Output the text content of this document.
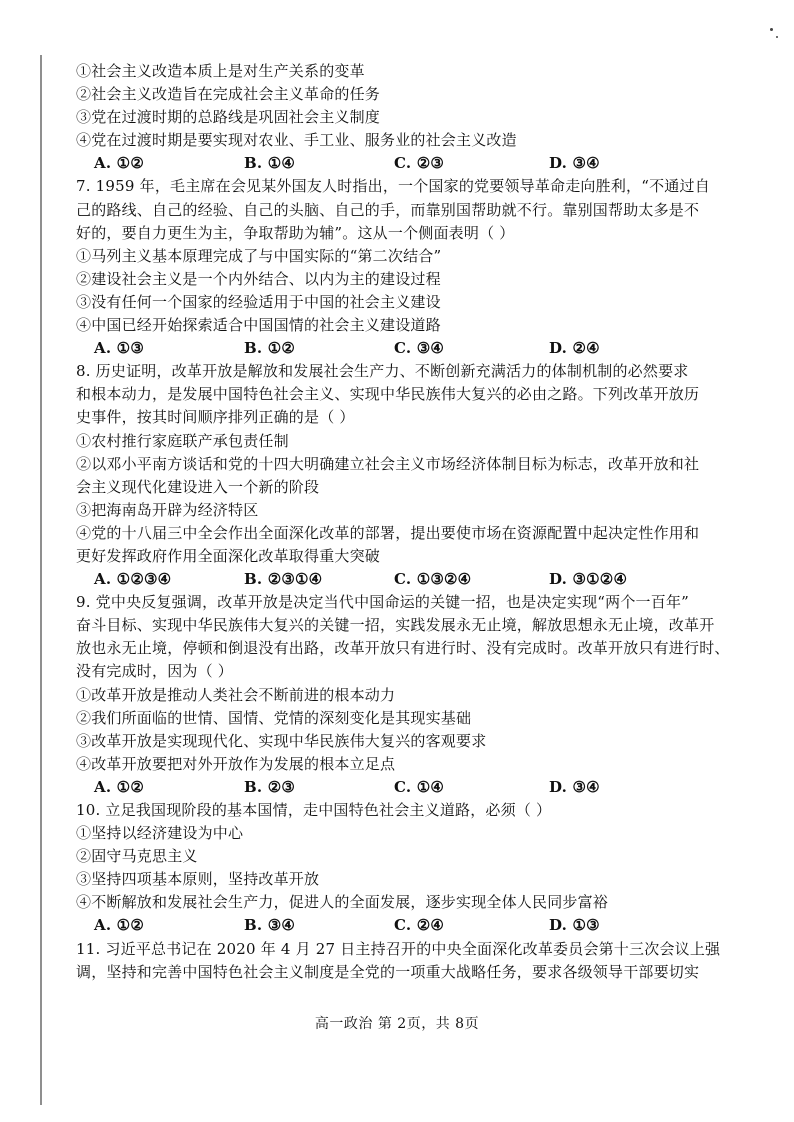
①社会主义改造本质上是对生产关系的变革
②社会主义改造旨在完成社会主义革命的任务
③党在过渡时期的总路线是巩固社会主义制度
④党在过渡时期是要实现对农业、手工业、服务业的社会主义改造
A. ①②	B. ①④	C. ②③	D. ③④
7. 1959 年，毛主席在会见某外国友人时指出，一个国家的党要领导革命走向胜利，“不通过自
己的路线、自己的经验、自己的头脑、自己的手，而靠别国帮助就不行。靠别国帮助太多是不
好的，要自力更生为主，争取帮助为辅”。这从一个侧面表明（ ）
①马列主义基本原理完成了与中国实际的“第二次结合”
②建设社会主义是一个内外结合、以内为主的建设过程
③没有任何一个国家的经验适用于中国的社会主义建设
④中国已经开始探索适合中国国情的社会主义建设道路
A. ①③	B. ①②	C. ③④	D. ②④
8. 历史证明，改革开放是解放和发展社会生产力、不断创新充满活力的体制机制的必然要求
和根本动力，是发展中国特色社会主义、实现中华民族伟大复兴的必由之路。下列改革开放历
史事件，按其时间顺序排列正确的是（ ）
①农村推行家庭联产承包责任制
②以邓小平南方谈话和党的十四大明确建立社会主义市场经济体制目标为标志，改革开放和社
会主义现代化建设进入一个新的阶段
③把海南岛开辟为经济特区
④党的十八届三中全会作出全面深化改革的部署，提出要使市场在资源配置中起决定性作用和
更好发挥政府作用全面深化改革取得重大突破
A. ①②③④	B. ②③①④	C. ①③②④	D. ③①②④
9. 党中央反复强调，改革开放是决定当代中国命运的关键一招，也是决定实现“两个一百年”
奋斗目标、实现中华民族伟大复兴的关键一招，实践发展永无止境，解放思想永无止境，改革开
放也永无止境，停顿和倒退没有出路，改革开放只有进行时、没有完成时。改革开放只有进行时、
没有完成时，因为（ ）
①改革开放是推动人类社会不断前进的根本动力
②我们所面临的世情、国情、党情的深刻变化是其现实基础
③改革开放是实现现代化、实现中华民族伟大复兴的客观要求
④改革开放要把对外开放作为发展的根本立足点
A. ①②	B. ②③	C. ①④	D. ③④
10. 立足我国现阶段的基本国情，走中国特色社会主义道路，必须（ ）
①坚持以经济建设为中心
②固守马克思主义
③坚持四项基本原则，坚持改革开放
④不断解放和发展社会生产力，促进人的全面发展，逐步实现全体人民同步富裕
A. ①②	B. ③④	C. ②④	D. ①③
11. 习近平总书记在 2020 年 4 月 27 日主持召开的中央全面深化改革委员会第十三次会议上强
调，坚持和完善中国特色社会主义制度是全党的一项重大战略任务，要求各级领导干部要切实
高一政治 第 2页，共 8页
